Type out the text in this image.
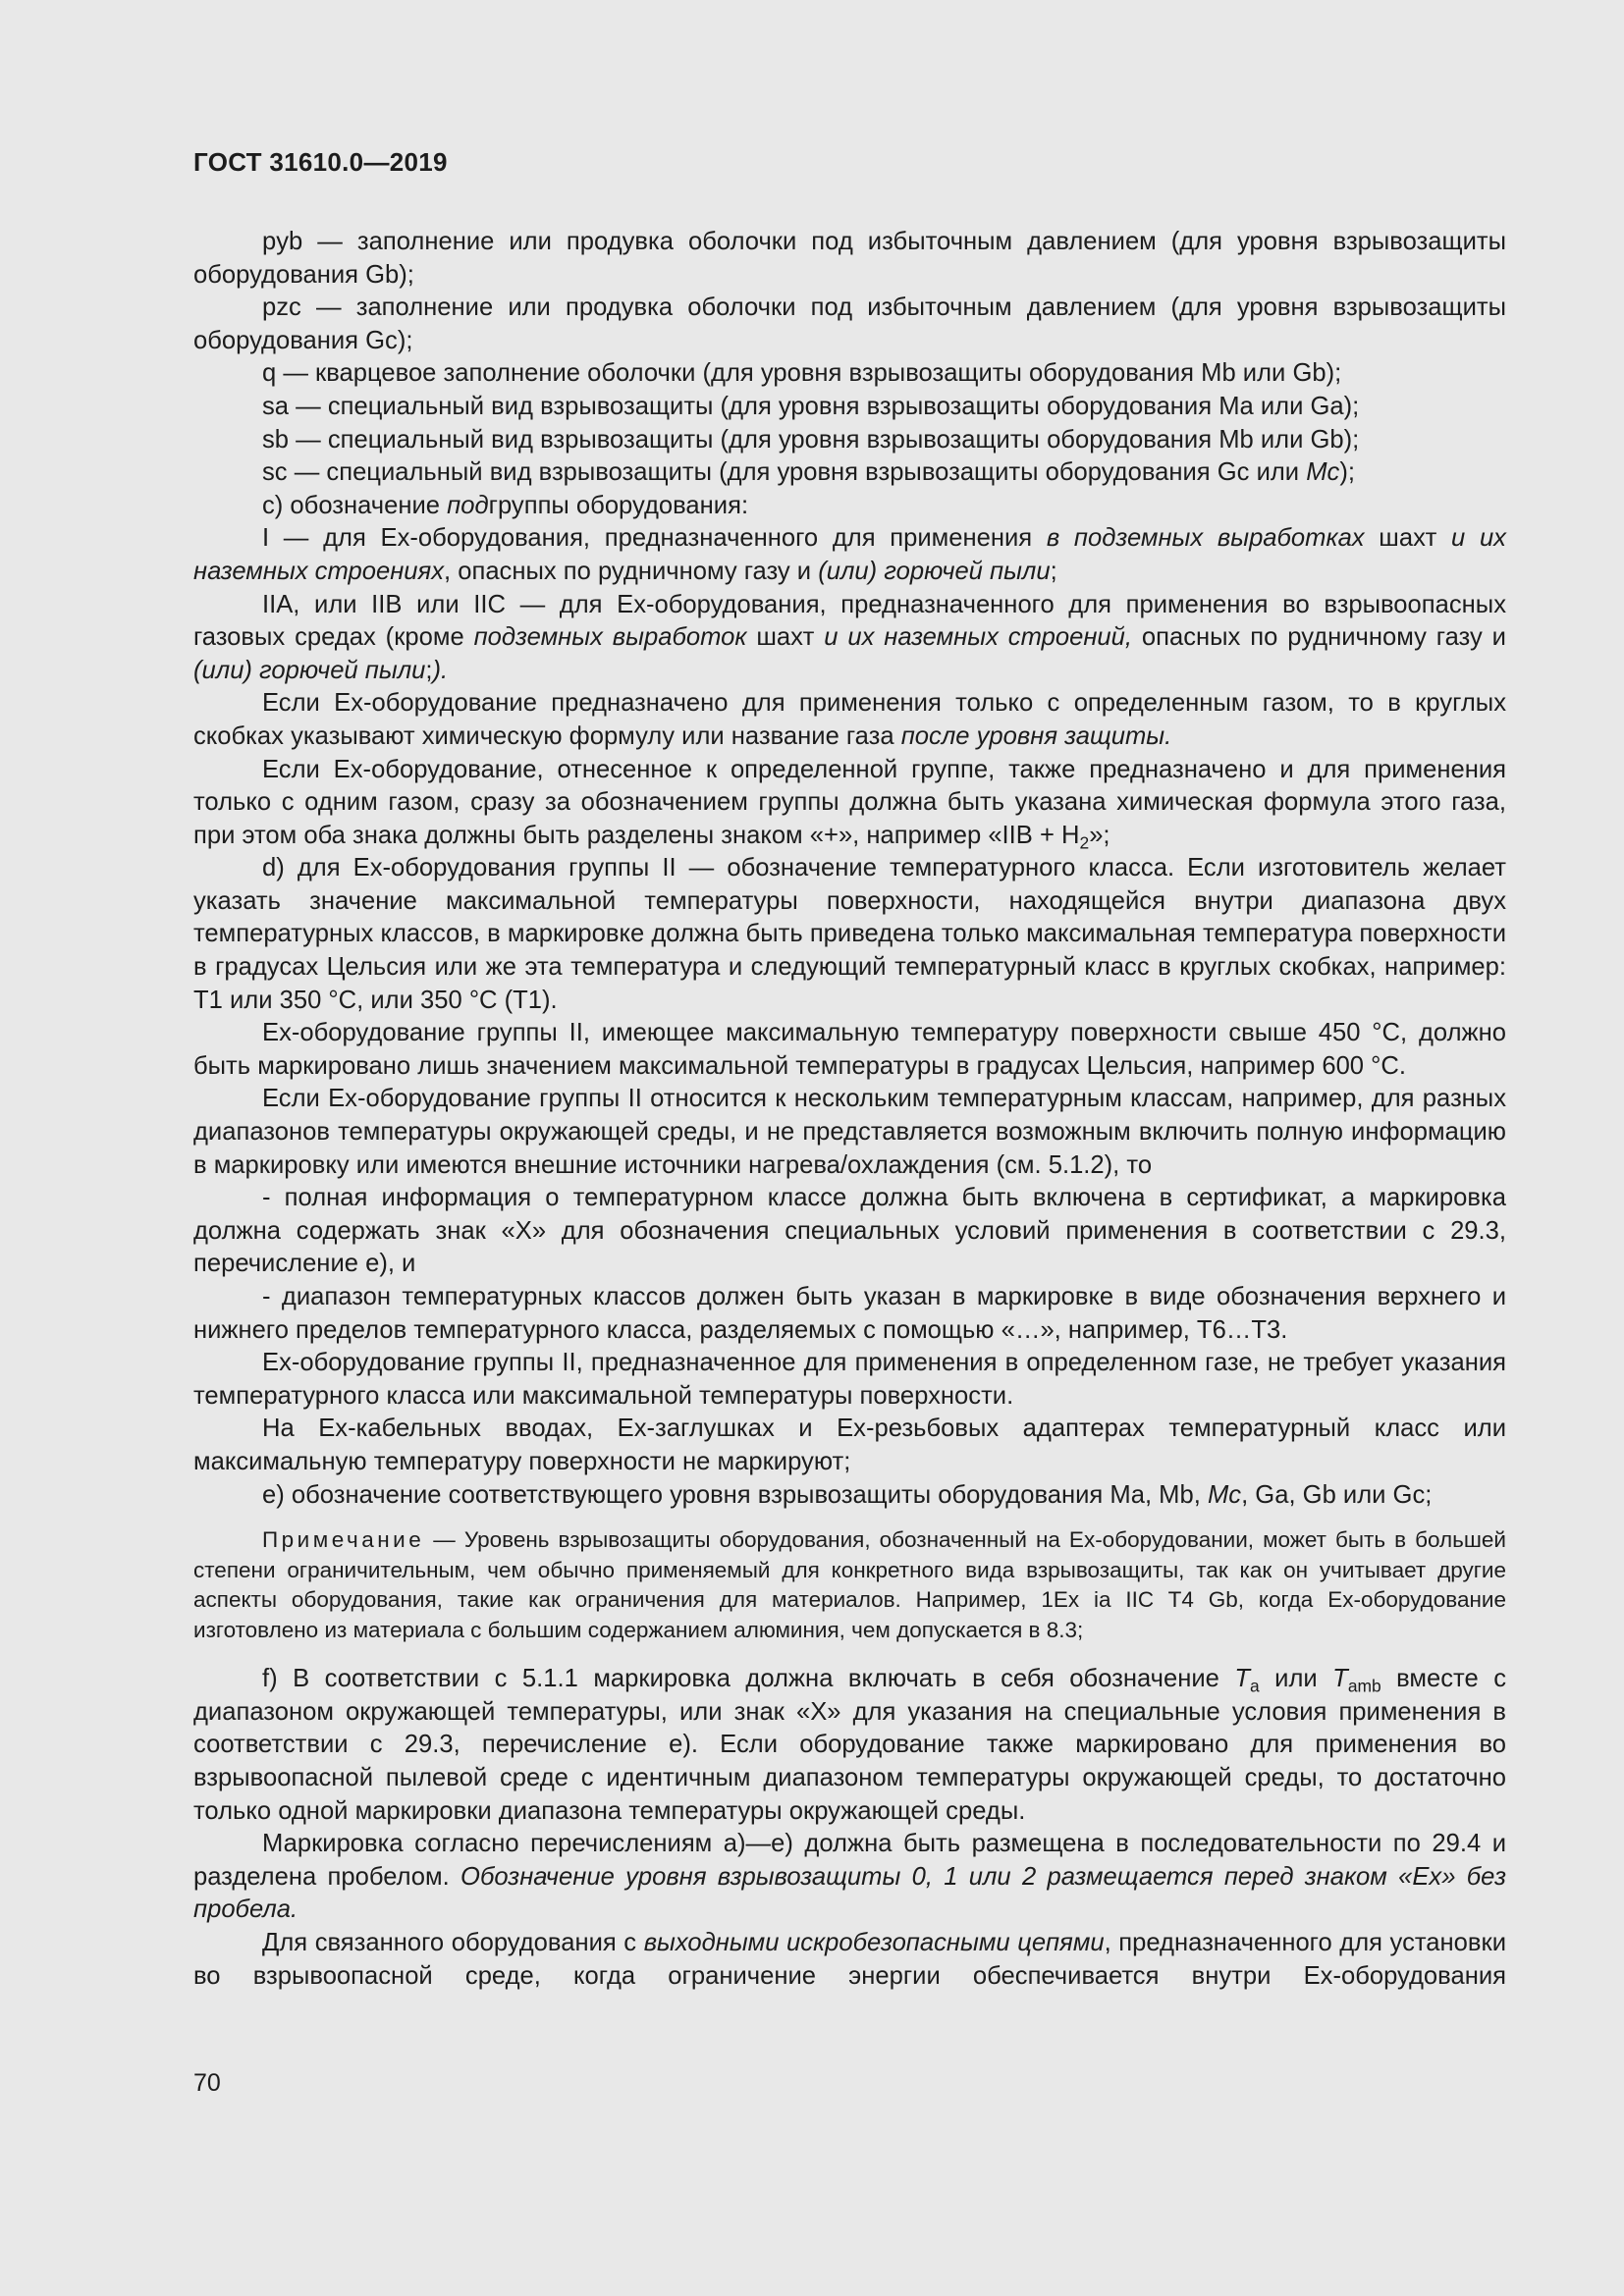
ГОСТ 31610.0—2019

pyb — заполнение или продувка оболочки под избыточным давлением (для уровня взрывозащиты оборудования Gb);

pzc — заполнение или продувка оболочки под избыточным давлением (для уровня взрывозащиты оборудования Gc);

q — кварцевое заполнение оболочки (для уровня взрывозащиты оборудования Mb или Gb);

sa — специальный вид взрывозащиты (для уровня взрывозащиты оборудования Ma или Ga);

sb — специальный вид взрывозащиты (для уровня взрывозащиты оборудования Mb или Gb);

sc — специальный вид взрывозащиты (для уровня взрывозащиты оборудования Gc или Mc);

c) обозначение подгруппы оборудования:

I — для Ех-оборудования, предназначенного для применения в подземных выработках шахт и их наземных строениях, опасных по рудничному газу и (или) горючей пыли;

IIA, или IIB или IIC — для Ех-оборудования, предназначенного для применения во взрывоопасных газовых средах (кроме подземных выработок шахт и их наземных строений, опасных по рудничному газу и (или) горючей пыли;).

Если Ех-оборудование предназначено для применения только с определенным газом, то в круглых скобках указывают химическую формулу или название газа после уровня защиты.

Если Ех-оборудование, отнесенное к определенной группе, также предназначено и для применения только с одним газом, сразу за обозначением группы должна быть указана химическая формула этого газа, при этом оба знака должны быть разделены знаком «+», например «IIB + $H_2$»;

d) для Ех-оборудования группы II — обозначение температурного класса. Если изготовитель желает указать значение максимальной температуры поверхности, находящейся внутри диапазона двух температурных классов, в маркировке должна быть приведена только максимальная температура поверхности в градусах Цельсия или же эта температура и следующий температурный класс в круглых скобках, например: T1 или 350 °С, или 350 °С (T1).

Ех-оборудование группы II, имеющее максимальную температуру поверхности свыше 450 °С, должно быть маркировано лишь значением максимальной температуры в градусах Цельсия, например 600 °С.

Если Ех-оборудование группы II относится к нескольким температурным классам, например, для разных диапазонов температуры окружающей среды, и не представляется возможным включить полную информацию в маркировку или имеются внешние источники нагрева/охлаждения (см. 5.1.2), то

- полная информация о температурном классе должна быть включена в сертификат, а маркировка должна содержать знак «X» для обозначения специальных условий применения в соответствии с 29.3, перечисление е), и

- диапазон температурных классов должен быть указан в маркировке в виде обозначения верхнего и нижнего пределов температурного класса, разделяемых с помощью «…», например, T6…T3.

Ех-оборудование группы II, предназначенное для применения в определенном газе, не требует указания температурного класса или максимальной температуры поверхности.

На Ех-кабельных вводах, Ех-заглушках и Ех-резьбовых адаптерах температурный класс или максимальную температуру поверхности не маркируют;

e) обозначение соответствующего уровня взрывозащиты оборудования Ma, Mb, Mc, Ga, Gb или Gc;

Примечание — Уровень взрывозащиты оборудования, обозначенный на Ех-оборудовании, может быть в большей степени ограничительным, чем обычно применяемый для конкретного вида взрывозащиты, так как он учитывает другие аспекты оборудования, такие как ограничения для материалов. Например, 1Ex ia IIC T4 Gb, когда Ех-оборудование изготовлено из материала с большим содержанием алюминия, чем допускается в 8.3;

f) В соответствии с 5.1.1 маркировка должна включать в себя обозначение $T_a$ или $T_{amb}$ вместе с диапазоном окружающей температуры, или знак «X» для указания на специальные условия применения в соответствии с 29.3, перечисление е). Если оборудование также маркировано для применения во взрывоопасной пылевой среде с идентичным диапазоном температуры окружающей среды, то достаточно только одной маркировки диапазона температуры окружающей среды.

Маркировка согласно перечислениям а)—е) должна быть размещена в последовательности по 29.4 и разделена пробелом. Обозначение уровня взрывозащиты 0, 1 или 2 размещается перед знаком «Ex» без пробела.

Для связанного оборудования с выходными искробезопасными цепями, предназначенного для установки во взрывоопасной среде, когда ограничение энергии обеспечивается внутри Ех-оборудования

70
